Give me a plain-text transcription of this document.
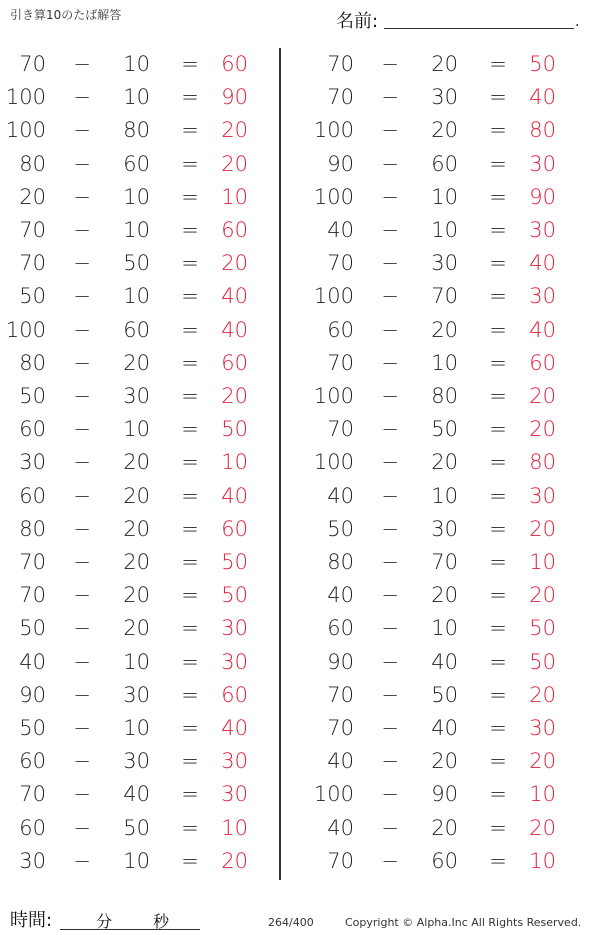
引き算10のたば解答	名前:	.
70 −	10 =	60
100 −	10 =	90
100 −	80 =	20
80 −	60 =	20
20 −	10 =	10
70 −	10 =	60
70 −	50 =	20
50 −	10 =	40
100 −	60 =	40
80 −	20 =	60
50 −	30 =	20
60 −	10 =	50
30 −	20 =	10
60 −	20 =	40
80 −	20 =	60
70 −	20 =	50
70 −	20 =	50
50 −	20 =	30
40 −	10 =	30
90 −	30 =	60
50 −	10 =	40
60 −	30 =	30
70 −	40 =	30
60 −	50 =	10
30 −	10 =	20
70 −	20 =	50
70 −	30 =	40
100 −	20 =	80
90 −	60 =	30
100 −	10 =	90
40 −	10 =	30
70 −	30 =	40
100 −	70 =	30
60 −	20 =	40
70 −	10 =	60
100 −	80 =	20
70 −	50 =	20
100 −	20 =	80
40 −	10 =	30
50 −	30 =	20
80 −	70 =	10
40 −	20 =	20
60 −	10 =	50
90 −	40 =	50
70 −	50 =	20
70 −	40 =	30
40 −	20 =	20
100 −	90 =	10
40 −	20 =	20
70 −	60 =	10
時間:	分	秒	264/400	Copyright © Alpha.Inc All Rights Reserved.
